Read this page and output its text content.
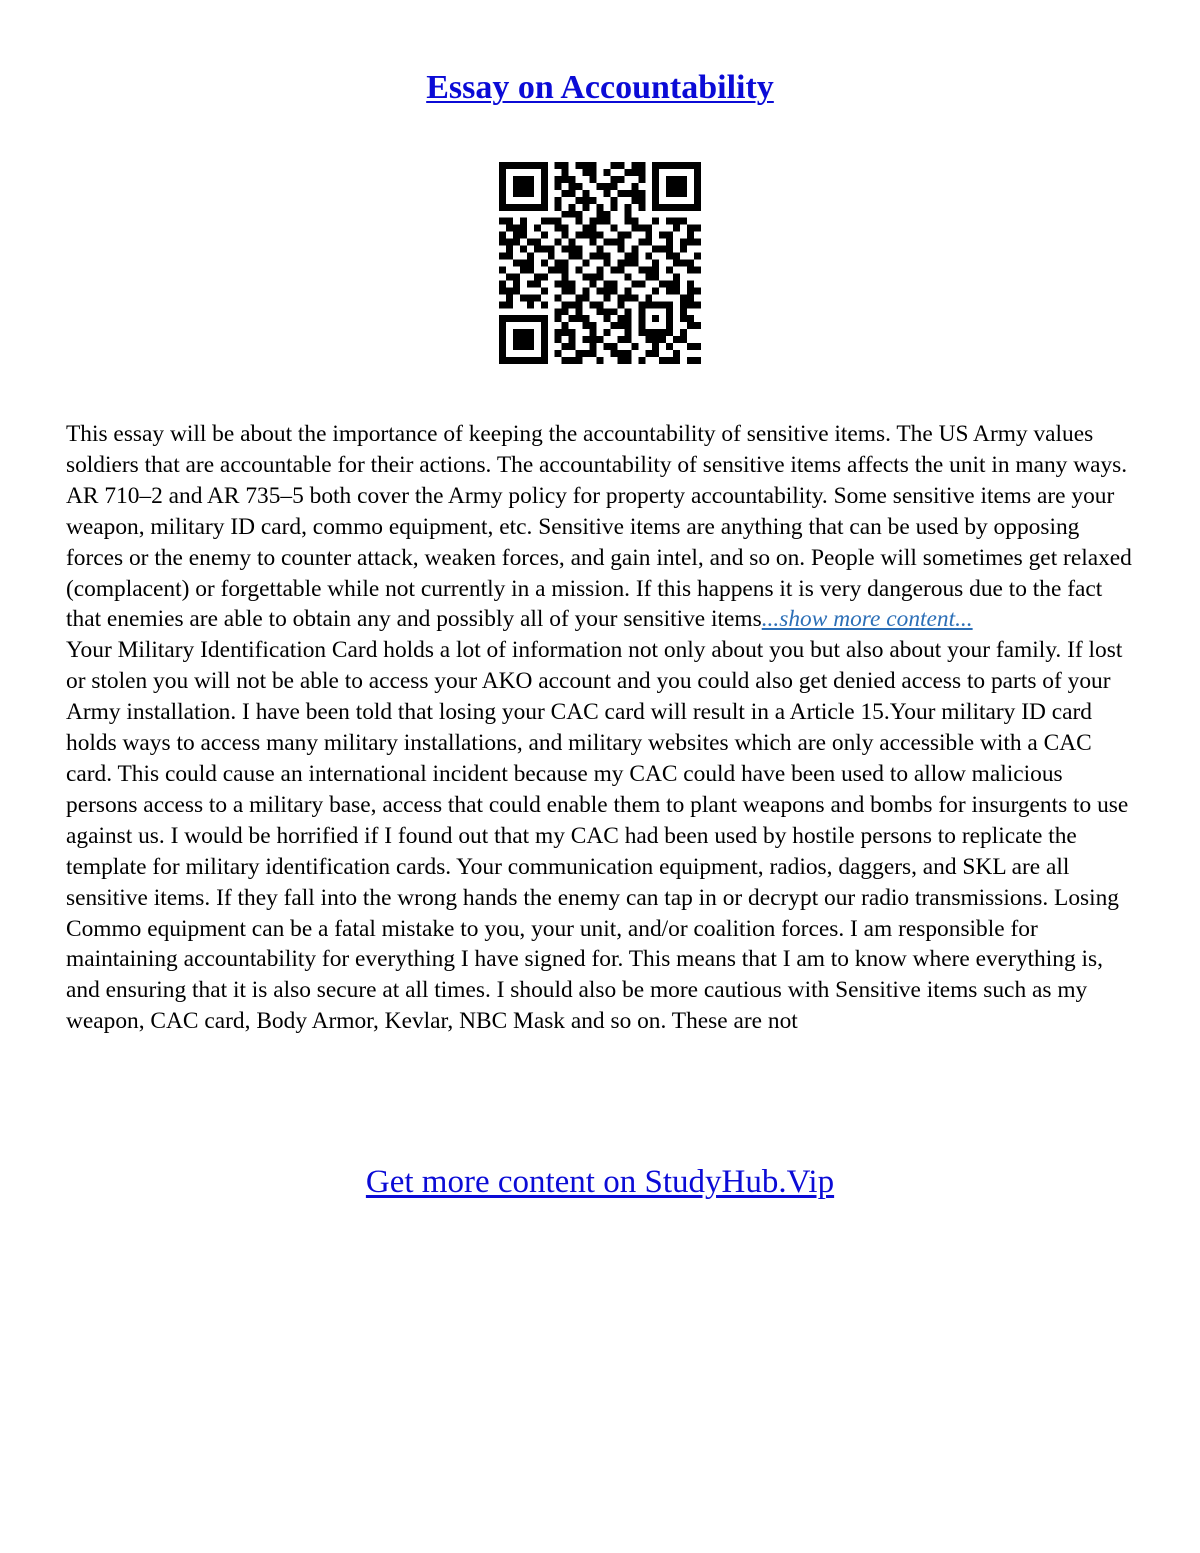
Essay on Accountability

This essay will be about the importance of keeping the accountability of sensitive items. The US Army values soldiers that are accountable for their actions. The accountability of sensitive items affects the unit in many ways. AR 710–2 and AR 735–5 both cover the Army policy for property accountability. Some sensitive items are your weapon, military ID card, commo equipment, etc. Sensitive items are anything that can be used by opposing forces or the enemy to counter attack, weaken forces, and gain intel, and so on. People will sometimes get relaxed (complacent) or forgettable while not currently in a mission. If this happens it is very dangerous due to the fact that enemies are able to obtain any and possibly all of your sensitive items...show more content...
Your Military Identification Card holds a lot of information not only about you but also about your family. If lost or stolen you will not be able to access your AKO account and you could also get denied access to parts of your Army installation. I have been told that losing your CAC card will result in a Article 15.Your military ID card holds ways to access many military installations, and military websites which are only accessible with a CAC card. This could cause an international incident because my CAC could have been used to allow malicious persons access to a military base, access that could enable them to plant weapons and bombs for insurgents to use against us. I would be horrified if I found out that my CAC had been used by hostile persons to replicate the template for military identification cards. Your communication equipment, radios, daggers, and SKL are all sensitive items. If they fall into the wrong hands the enemy can tap in or decrypt our radio transmissions. Losing Commo equipment can be a fatal mistake to you, your unit, and/or coalition forces. I am responsible for maintaining accountability for everything I have signed for. This means that I am to know where everything is, and ensuring that it is also secure at all times. I should also be more cautious with Sensitive items such as my weapon, CAC card, Body Armor, Kevlar, NBC Mask and so on. These are not

Get more content on StudyHub.Vip
